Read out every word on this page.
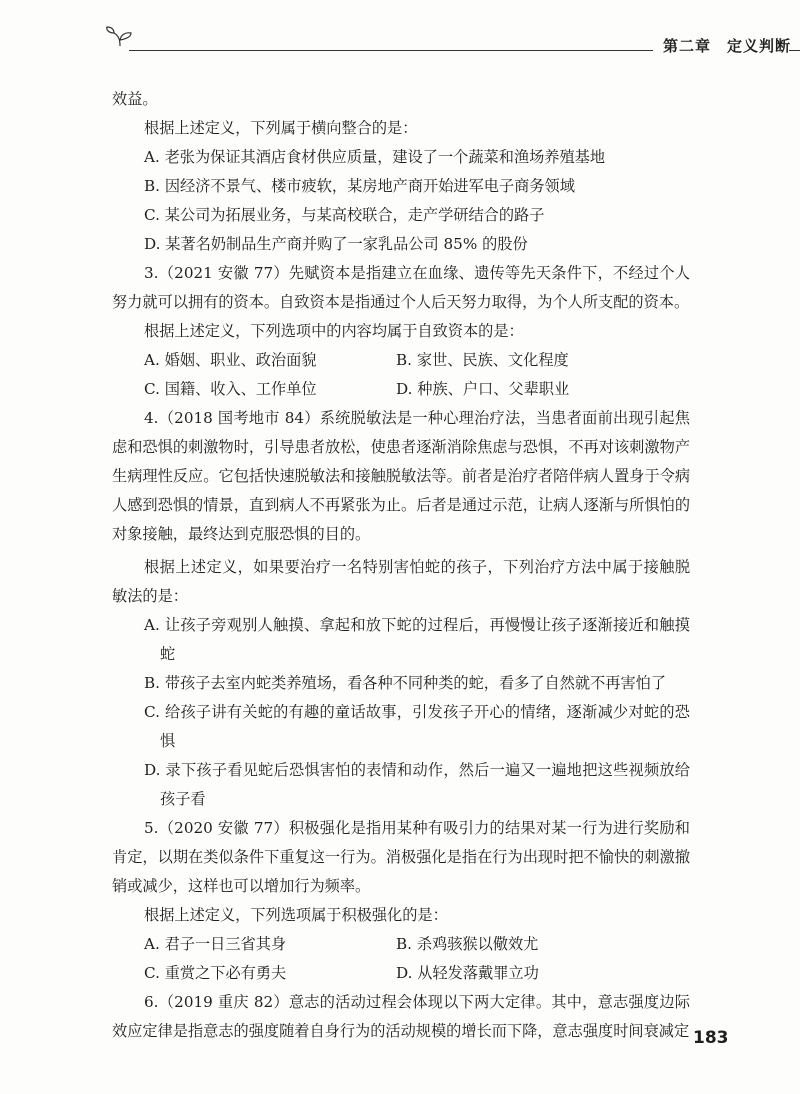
第二章　定义判断

效益。

根据上述定义，下列属于横向整合的是：

A. 老张为保证其酒店食材供应质量，建设了一个蔬菜和渔场养殖基地

B. 因经济不景气、楼市疲软，某房地产商开始进军电子商务领域

C. 某公司为拓展业务，与某高校联合，走产学研结合的路子

D. 某著名奶制品生产商并购了一家乳品公司 85% 的股份

3.（2021 安徽 77）先赋资本是指建立在血缘、遗传等先天条件下，不经过个人努力就可以拥有的资本。自致资本是指通过个人后天努力取得，为个人所支配的资本。

根据上述定义，下列选项中的内容均属于自致资本的是：

A. 婚姻、职业、政治面貌	B. 家世、民族、文化程度
C. 国籍、收入、工作单位	D. 种族、户口、父辈职业

4.（2018 国考地市 84）系统脱敏法是一种心理治疗法，当患者面前出现引起焦虑和恐惧的刺激物时，引导患者放松，使患者逐渐消除焦虑与恐惧，不再对该刺激物产生病理性反应。它包括快速脱敏法和接触脱敏法等。前者是治疗者陪伴病人置身于令病人感到恐惧的情景，直到病人不再紧张为止。后者是通过示范，让病人逐渐与所惧怕的对象接触，最终达到克服恐惧的目的。

根据上述定义，如果要治疗一名特别害怕蛇的孩子，下列治疗方法中属于接触脱敏法的是：

A. 让孩子旁观别人触摸、拿起和放下蛇的过程后，再慢慢让孩子逐渐接近和触摸蛇

B. 带孩子去室内蛇类养殖场，看各种不同种类的蛇，看多了自然就不再害怕了

C. 给孩子讲有关蛇的有趣的童话故事，引发孩子开心的情绪，逐渐减少对蛇的恐惧

D. 录下孩子看见蛇后恐惧害怕的表情和动作，然后一遍又一遍地把这些视频放给孩子看

5.（2020 安徽 77）积极强化是指用某种有吸引力的结果对某一行为进行奖励和肯定，以期在类似条件下重复这一行为。消极强化是指在行为出现时把不愉快的刺激撤销或减少，这样也可以增加行为频率。

根据上述定义，下列选项属于积极强化的是：

A. 君子一日三省其身	B. 杀鸡骇猴以儆效尤
C. 重赏之下必有勇夫	D. 从轻发落戴罪立功

6.（2019 重庆 82）意志的活动过程会体现以下两大定律。其中，意志强度边际效应定律是指意志的强度随着自身行为的活动规模的增长而下降，意志强度时间衰减定 183
